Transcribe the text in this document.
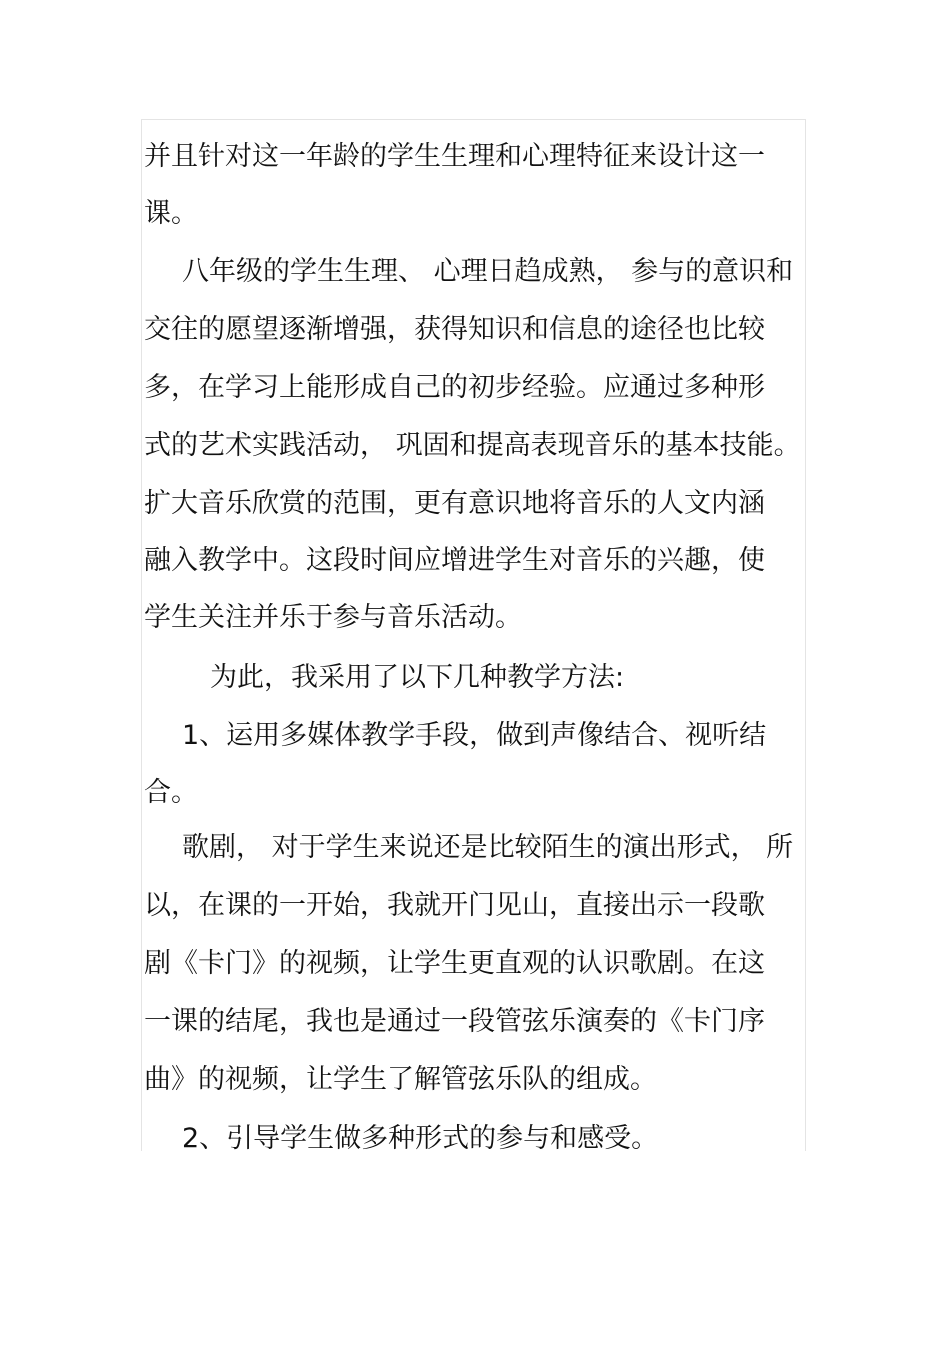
并且针对这一年龄的学生生理和心理特征来设计这一
课。
八年级的学生生理、 心理日趋成熟， 参与的意识和
交往的愿望逐渐增强，获得知识和信息的途径也比较
多，在学习上能形成自己的初步经验。应通过多种形
式的艺术实践活动， 巩固和提高表现音乐的基本技能。
扩大音乐欣赏的范围，更有意识地将音乐的人文内涵
融入教学中。这段时间应增进学生对音乐的兴趣，使
学生关注并乐于参与音乐活动。
为此，我采用了以下几种教学方法:
1、运用多媒体教学手段，做到声像结合、视听结
合。
歌剧， 对于学生来说还是比较陌生的演出形式， 所
以，在课的一开始，我就开门见山，直接出示一段歌
剧《卡门》的视频，让学生更直观的认识歌剧。在这
一课的结尾，我也是通过一段管弦乐演奏的《卡门序
曲》的视频，让学生了解管弦乐队的组成。
2、引导学生做多种形式的参与和感受。
